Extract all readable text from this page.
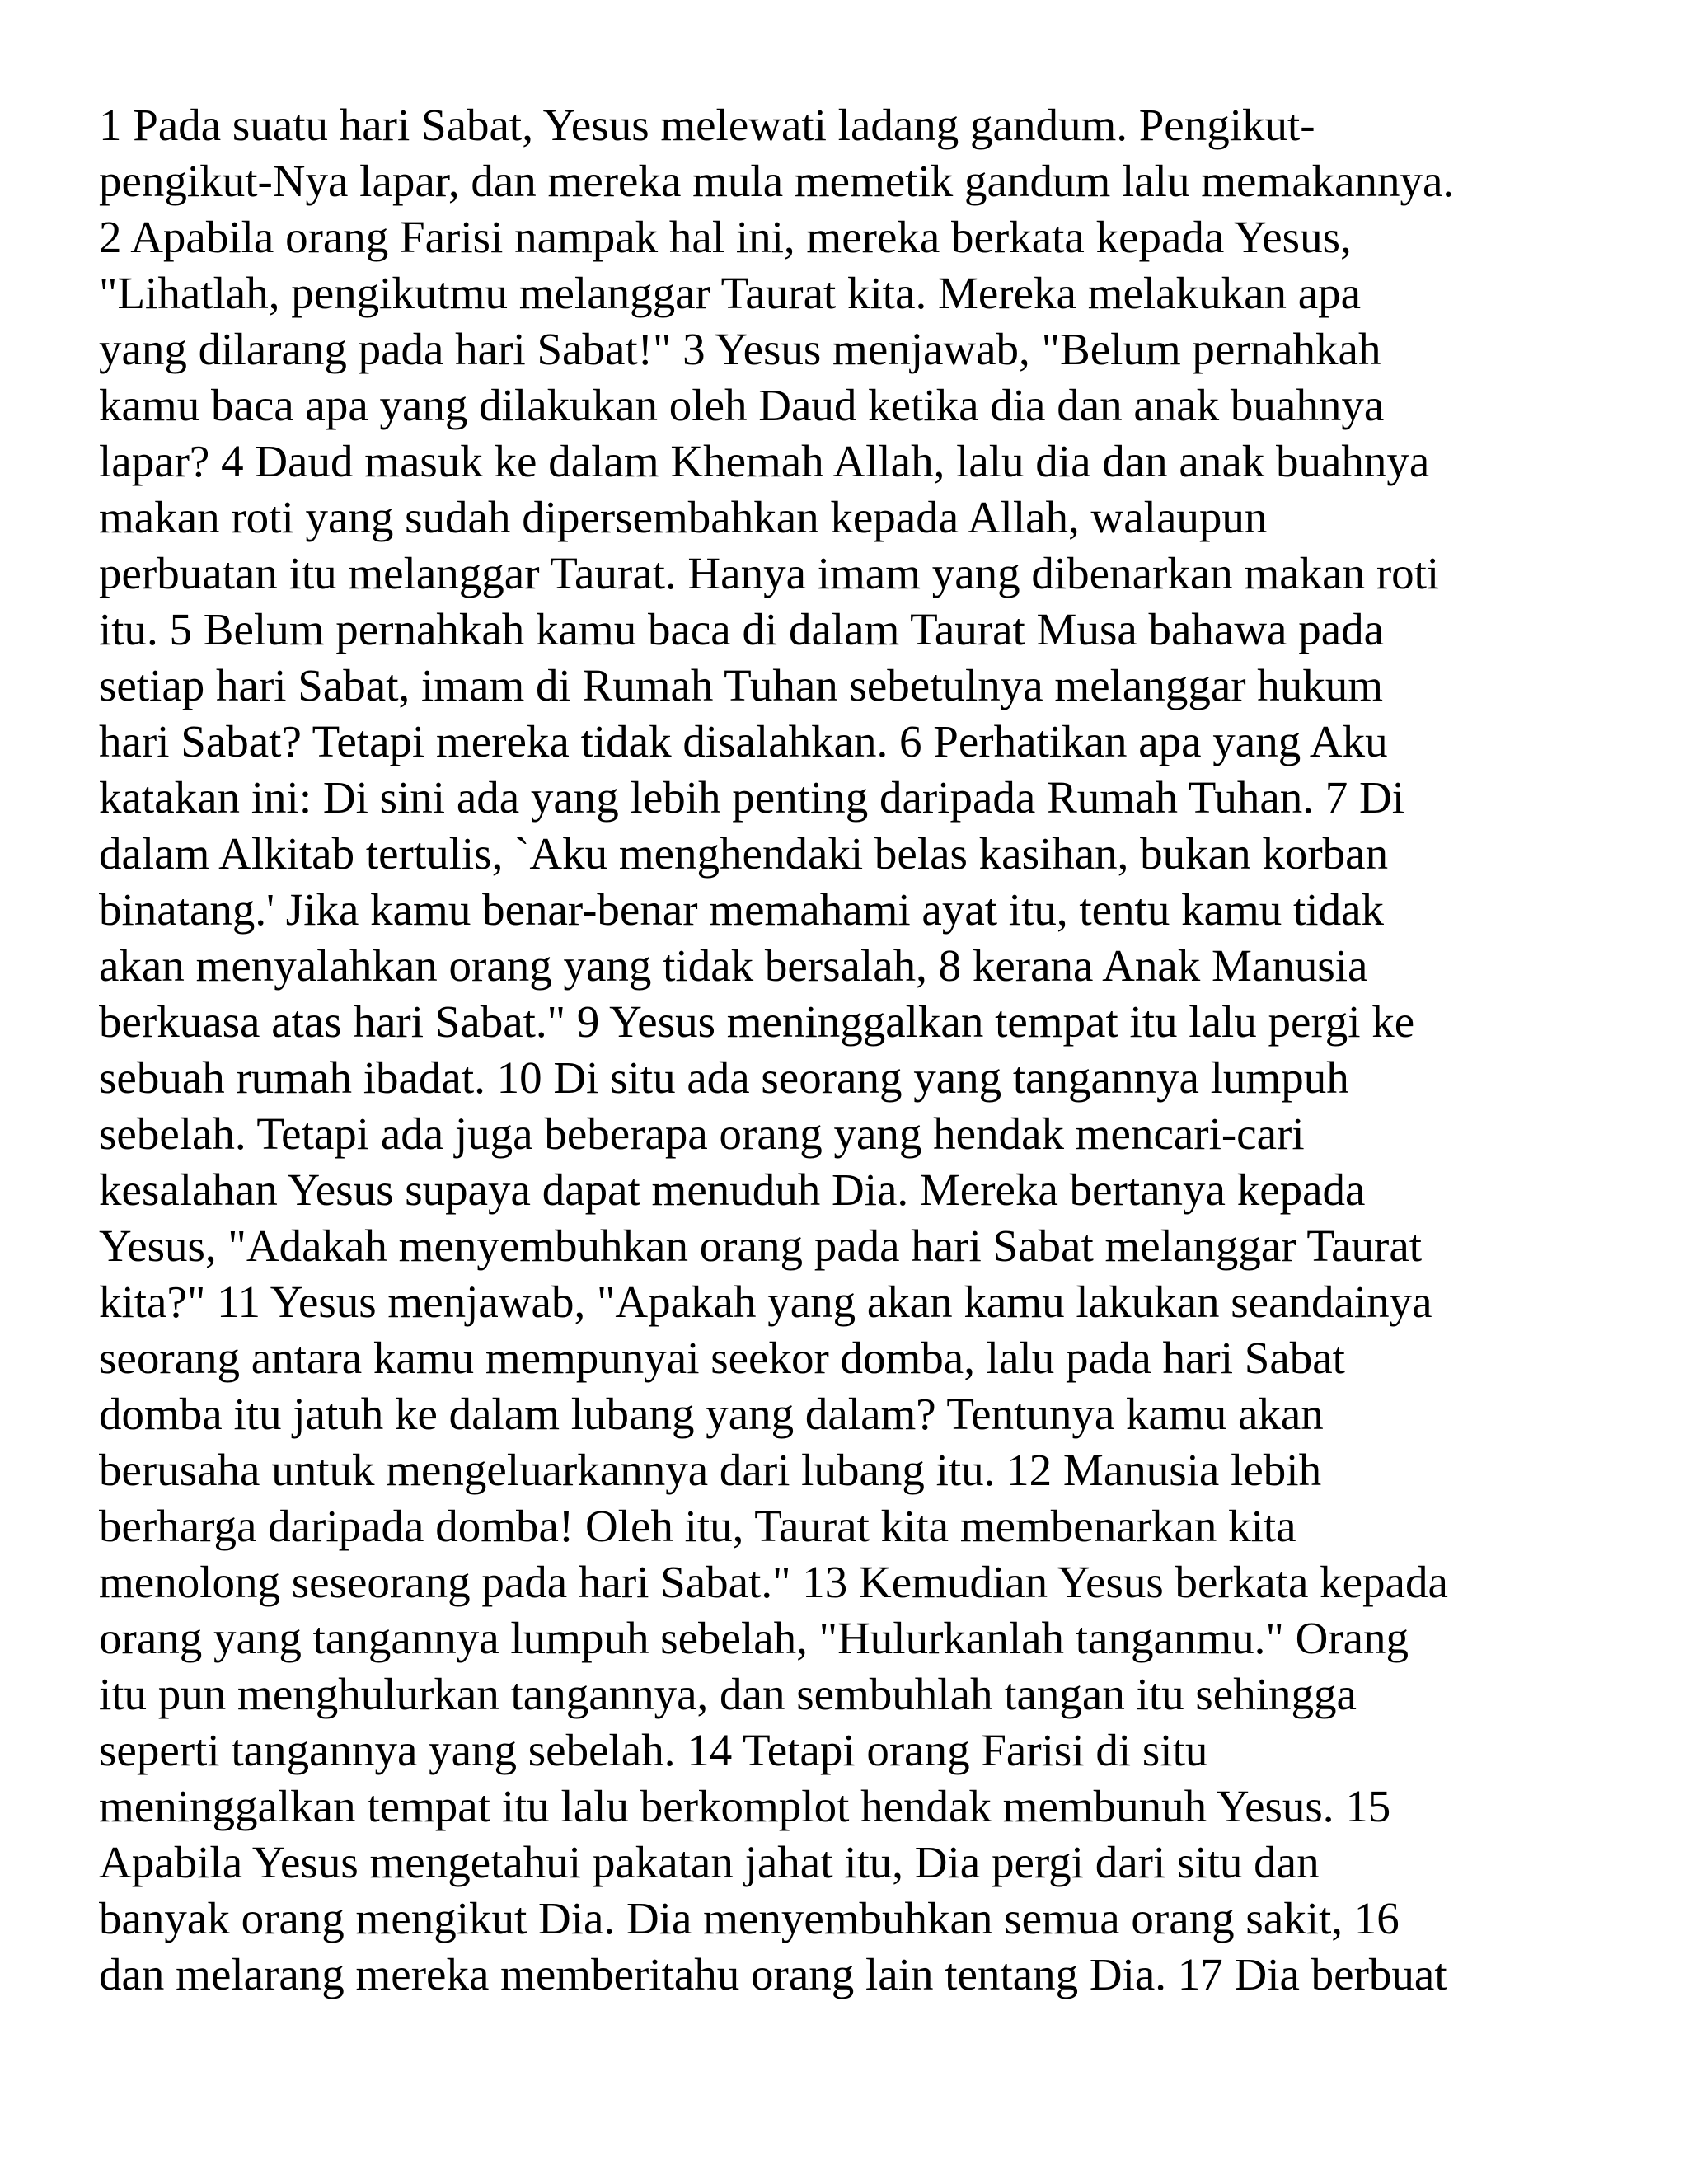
1 Pada suatu hari Sabat, Yesus melewati ladang gandum. Pengikut-
pengikut-Nya lapar, dan mereka mula memetik gandum lalu memakannya.
2 Apabila orang Farisi nampak hal ini, mereka berkata kepada Yesus,
"Lihatlah, pengikutmu melanggar Taurat kita. Mereka melakukan apa
yang dilarang pada hari Sabat!" 3 Yesus menjawab, "Belum pernahkah
kamu baca apa yang dilakukan oleh Daud ketika dia dan anak buahnya
lapar? 4 Daud masuk ke dalam Khemah Allah, lalu dia dan anak buahnya
makan roti yang sudah dipersembahkan kepada Allah, walaupun
perbuatan itu melanggar Taurat. Hanya imam yang dibenarkan makan roti
itu. 5 Belum pernahkah kamu baca di dalam Taurat Musa bahawa pada
setiap hari Sabat, imam di Rumah Tuhan sebetulnya melanggar hukum
hari Sabat? Tetapi mereka tidak disalahkan. 6 Perhatikan apa yang Aku
katakan ini: Di sini ada yang lebih penting daripada Rumah Tuhan. 7 Di
dalam Alkitab tertulis, `Aku menghendaki belas kasihan, bukan korban
binatang.' Jika kamu benar-benar memahami ayat itu, tentu kamu tidak
akan menyalahkan orang yang tidak bersalah, 8 kerana Anak Manusia
berkuasa atas hari Sabat." 9 Yesus meninggalkan tempat itu lalu pergi ke
sebuah rumah ibadat. 10 Di situ ada seorang yang tangannya lumpuh
sebelah. Tetapi ada juga beberapa orang yang hendak mencari-cari
kesalahan Yesus supaya dapat menuduh Dia. Mereka bertanya kepada
Yesus, "Adakah menyembuhkan orang pada hari Sabat melanggar Taurat
kita?" 11 Yesus menjawab, "Apakah yang akan kamu lakukan seandainya
seorang antara kamu mempunyai seekor domba, lalu pada hari Sabat
domba itu jatuh ke dalam lubang yang dalam? Tentunya kamu akan
berusaha untuk mengeluarkannya dari lubang itu. 12 Manusia lebih
berharga daripada domba! Oleh itu, Taurat kita membenarkan kita
menolong seseorang pada hari Sabat." 13 Kemudian Yesus berkata kepada
orang yang tangannya lumpuh sebelah, "Hulurkanlah tanganmu." Orang
itu pun menghulurkan tangannya, dan sembuhlah tangan itu sehingga
seperti tangannya yang sebelah. 14 Tetapi orang Farisi di situ
meninggalkan tempat itu lalu berkomplot hendak membunuh Yesus. 15
Apabila Yesus mengetahui pakatan jahat itu, Dia pergi dari situ dan
banyak orang mengikut Dia. Dia menyembuhkan semua orang sakit, 16
dan melarang mereka memberitahu orang lain tentang Dia. 17 Dia berbuat
